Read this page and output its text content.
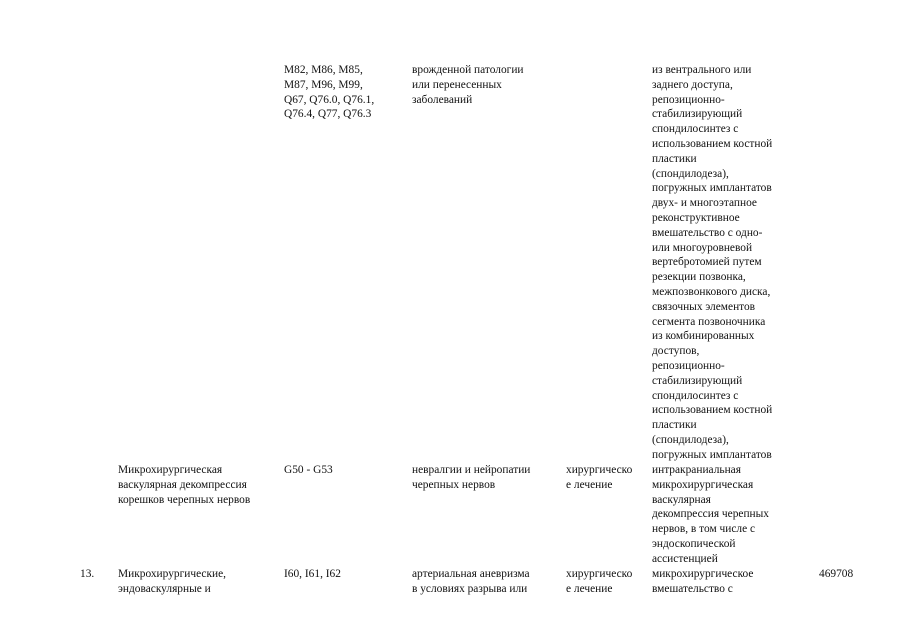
M82, M86, M85,
M87, M96, M99,
Q67, Q76.0, Q76.1,
Q76.4, Q77, Q76.3
врожденной патологии
или перенесенных
заболеваний
из вентрального или
заднего доступа,
репозиционно-
стабилизирующий
спондилосинтез с
использованием костной
пластики
(спондилодеза),
погружных имплантатов
двух- и многоэтапное
реконструктивное
вмешательство с одно-
или многоуровневой
вертебротомией путем
резекции позвонка,
межпозвонкового диска,
связочных элементов
сегмента позвоночника
из комбинированных
доступов,
репозиционно-
стабилизирующий
спондилосинтез с
использованием костной
пластики
(спондилодеза),
погружных имплантатов
Микрохирургическая
васкулярная декомпрессия
корешков черепных нервов
G50 - G53	невралгии и нейропатии
черепных нервов
хирургическо
е лечение
интракраниальная
микрохирургическая
васкулярная
декомпрессия черепных
нервов, в том числе с
эндоскопической
ассистенцией
13. Микрохирургические,
эндоваскулярные и
I60, I61, I62	артериальная аневризма
в условиях разрыва или
хирургическо
е лечение
микрохирургическое
вмешательство с
469708
